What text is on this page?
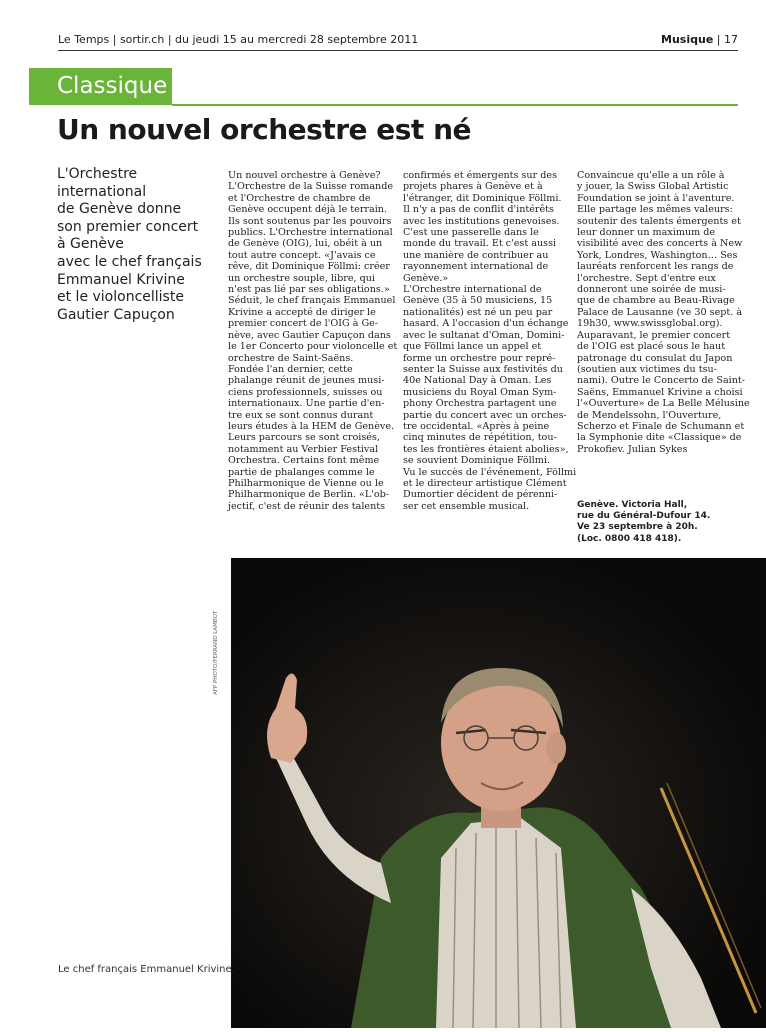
Le Temps | sortir.ch | du jeudi 15 au mercredi 28 septembre 2011	Musique | 17
Classique
Un nouvel orchestre est né
L'Orchestre
international
de Genève donne
son premier concert
à Genève
avec le chef français
Emmanuel Krivine
et le violoncelliste
Gautier Capuçon
Un nouvel orchestre à Genève?
L'Orchestre de la Suisse romande
et l'Orchestre de chambre de
Genève occupent déjà le terrain.
Ils sont soutenus par les pouvoirs
publics. L'Orchestre international
de Genève (OIG), lui, obéit à un
tout autre concept. «J'avais ce
rêve, dit Dominique Föllmi: créer
un orchestre souple, libre, qui
n'est pas lié par ses obligations.»
Séduit, le chef français Emmanuel
Krivine a accepté de diriger le
premier concert de l'OIG à Ge-
nève, avec Gautier Capuçon dans
le 1er Concerto pour violoncelle et
orchestre de Saint-Saëns.
Fondée l'an dernier, cette
phalange réunit de jeunes musi-
ciens professionnels, suisses ou
internationaux. Une partie d'en-
tre eux se sont connus durant
leurs études à la HEM de Genève.
Leurs parcours se sont croisés,
notamment au Verbier Festival
Orchestra. Certains font même
partie de phalanges comme le
Philharmonique de Vienne ou le
Philharmonique de Berlin. «L'ob-
jectif, c'est de réunir des talents
confirmés et émergents sur des
projets phares à Genève et à
l'étranger, dit Dominique Föllmi.
Il n'y a pas de conflit d'intérêts
avec les institutions genevoises.
C'est une passerelle dans le
monde du travail. Et c'est aussi
une manière de contribuer au
rayonnement international de
Genève.»
L'Orchestre international de
Genève (35 à 50 musiciens, 15
nationalités) est né un peu par
hasard. A l'occasion d'un échange
avec le sultanat d'Oman, Domini-
que Föllmi lance un appel et
forme un orchestre pour repré-
senter la Suisse aux festivités du
40e National Day à Oman. Les
musiciens du Royal Oman Sym-
phony Orchestra partagent une
partie du concert avec un orches-
tre occidental. «Après à peine
cinq minutes de répétition, tou-
tes les frontières étaient abolies»,
se souvient Dominique Föllmi.
Vu le succès de l'événement, Föllmi
et le directeur artistique Clément
Dumortier décident de pérenni-
ser cet ensemble musical.
Convaincue qu'elle a un rôle à
y jouer, la Swiss Global Artistic
Foundation se joint à l'aventure.
Elle partage les mêmes valeurs:
soutenir des talents émergents et
leur donner un maximum de
visibilité avec des concerts à New
York, Londres, Washington… Ses
lauréats renforcent les rangs de
l'orchestre. Sept d'entre eux
donneront une soirée de musi-
que de chambre au Beau-Rivage
Palace de Lausanne (ve 30 sept. à
19h30, www.swissglobal.org).
Auparavant, le premier concert
de l'OIG est placé sous le haut
patronage du consulat du Japon
(soutien aux victimes du tsu-
nami). Outre le Concerto de Saint-
Saëns, Emmanuel Krivine a choisi
l'«Ouverture» de La Belle Mélusine
de Mendelssohn, l'Ouverture,
Scherzo et Finale de Schumann et
la Symphonie dite «Classique» de
Prokofiev. Julian Sykes
Genève. Victoria Hall,
rue du Général-Dufour 14.
Ve 23 septembre à 20h.
(Loc. 0800 418 418).
AFP PHOTO/FERRAND LAMBOT
Le chef français Emmanuel Krivine.
